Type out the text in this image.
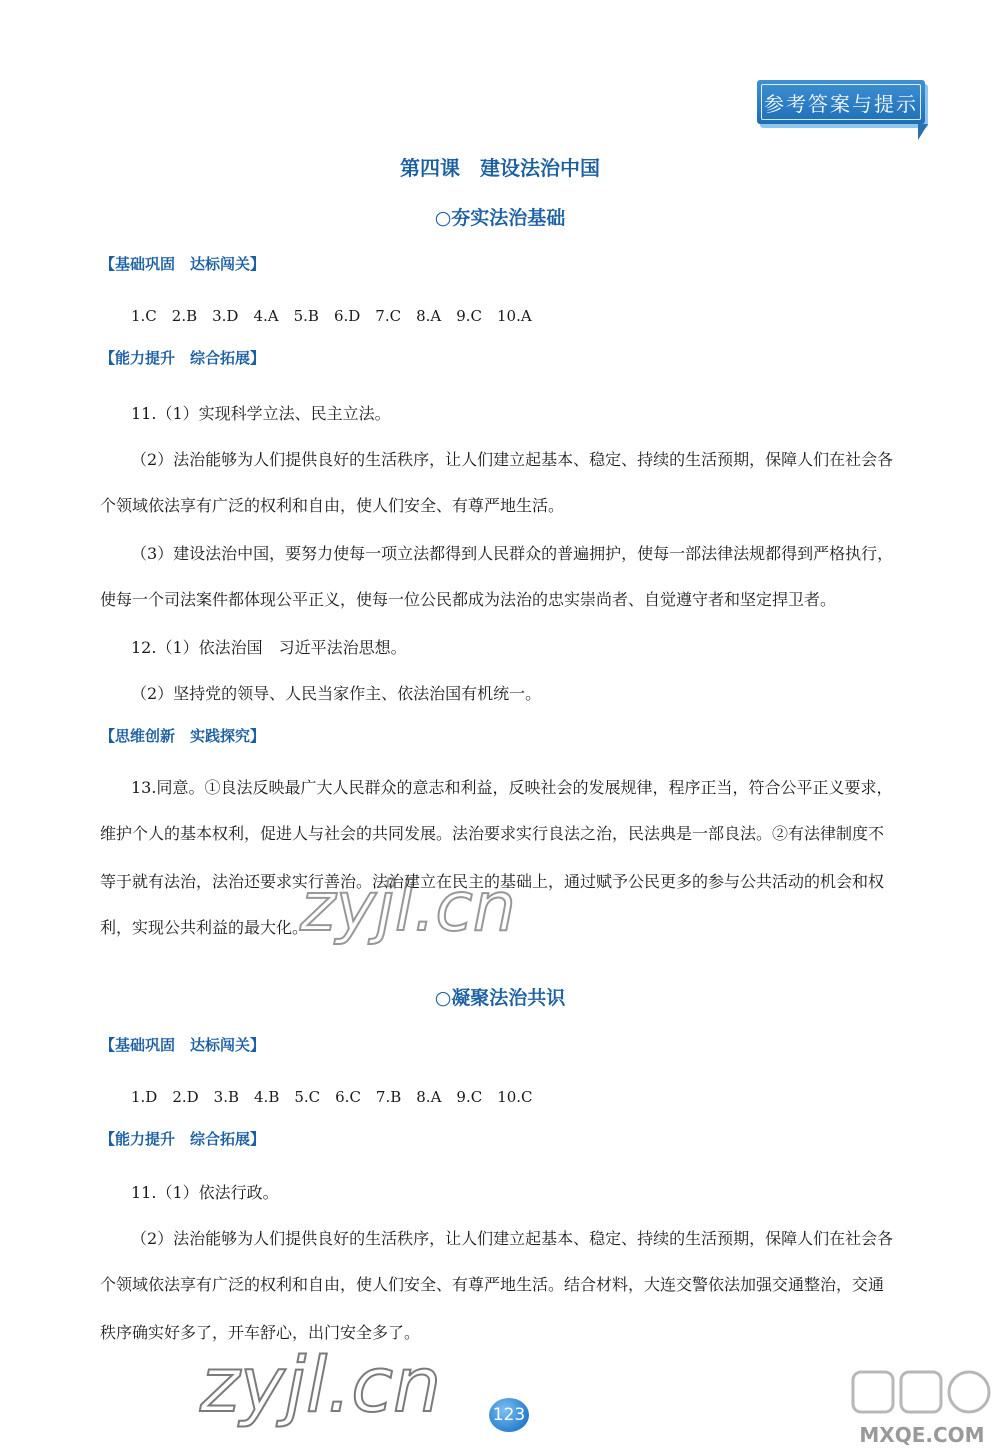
参考答案与提示
第四课　建设法治中国
○夯实法治基础
【基础巩固　达标闯关】
1.C　2.B　3.D　4.A　5.B　6.D　7.C　8.A　9.C　10.A
【能力提升　综合拓展】
11.（1）实现科学立法、民主立法。
（2）法治能够为人们提供良好的生活秩序，让人们建立起基本、稳定、持续的生活预期，保障人们在社会各
个领域依法享有广泛的权利和自由，使人们安全、有尊严地生活。
（3）建设法治中国，要努力使每一项立法都得到人民群众的普遍拥护，使每一部法律法规都得到严格执行，
使每一个司法案件都体现公平正义，使每一位公民都成为法治的忠实崇尚者、自觉遵守者和坚定捍卫者。
12.（1）依法治国　习近平法治思想。
（2）坚持党的领导、人民当家作主、依法治国有机统一。
【思维创新　实践探究】
13.同意。①良法反映最广大人民群众的意志和利益，反映社会的发展规律，程序正当，符合公平正义要求，
维护个人的基本权利，促进人与社会的共同发展。法治要求实行良法之治，民法典是一部良法。②有法律制度不
等于就有法治，法治还要求实行善治。法治建立在民主的基础上，通过赋予公民更多的参与公共活动的机会和权
利，实现公共利益的最大化。
○凝聚法治共识
【基础巩固　达标闯关】
1.D　2.D　3.B　4.B　5.C　6.C　7.B　8.A　9.C　10.C
【能力提升　综合拓展】
11.（1）依法行政。
（2）法治能够为人们提供良好的生活秩序，让人们建立起基本、稳定、持续的生活预期，保障人们在社会各
个领域依法享有广泛的权利和自由，使人们安全、有尊严地生活。结合材料，大连交警依法加强交通整治，交通
秩序确实好多了，开车舒心，出门安全多了。
123
zyjl.cn
zyjl.cn
MXQE.COM
